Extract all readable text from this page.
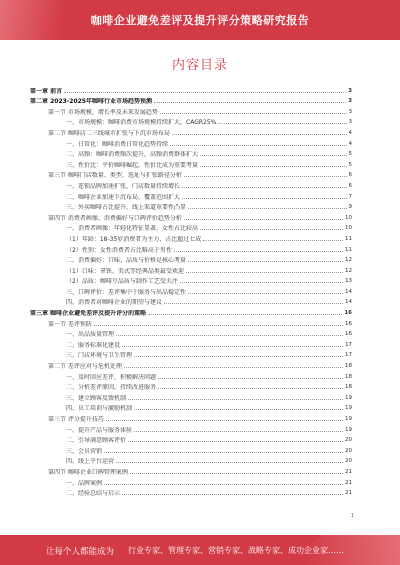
咖啡企业避免差评及提升评分策略研究报告
内容目录
第一章 前言	3
第二章 2023-2025年咖啡行业市场趋势预测	3
第一节 市场规模、增长率及未来发展趋势	3
一、市场规模：咖啡消费市场规模持续扩大，CAGR25%...	3
第二节 咖啡店二三线城市扩张与下沉市场布局	4
一、日常化：咖啡消费日常化趋势持续	4
二、高频：咖啡消费频次提升，高频消费群体扩大	5
三、性价比：平价咖啡崛起，性价比成为重要考量	5
第三节 咖啡门店数量、类型、选址与扩张路径分析	6
一、连锁品牌加速扩张，门店数量持续增长	6
二、咖啡企业加速下沉布局，覆盖范围扩大	7
三、外卖咖啡占比提升，线上渠道重要性凸显	9
第四节 消费者画像、消费偏好与口碑评价趋势分析	10
一、消费者画像：年轻化特征显著，女性占比较高	10
（1）年龄：18-35岁消费者为主力，占比超过七成	11
（2）性别：女性消费者占比略高于男性	11
二、消费偏好：口味、品质与价格是核心考量	12
（1）口味：拿铁、美式等经典品类最受欢迎	12
（2）品质：咖啡豆品质与制作工艺受关注	13
三、口碑评价：差评集中于服务与出品稳定性	14
四、消费者对咖啡企业的期望与建议	14
第三章 咖啡企业避免差评及提升评分的策略	16
第一节 差评预防	16
一、出品质量管理	16
二、服务标准化建设	17
三、门店环境与卫生管理	17
第二节 差评应对与危机处理	18
一、及时回应差评，积极解决问题	18
二、分析差评原因，持续改进服务	18
三、建立顾客反馈机制	19
四、员工培训与激励机制	19
第三节 评分提升技巧	19
一、提升产品与服务体验	19
二、引导满意顾客评价	20
三、会员营销	20
四、线上平台运营	20
第四节 咖啡企业口碑管理案例	21
一、品牌案例	21
二、经验总结与启示	21
1
让每个人都能成为 行业专家、管理专家、营销专家、战略专家、成功企业家……
